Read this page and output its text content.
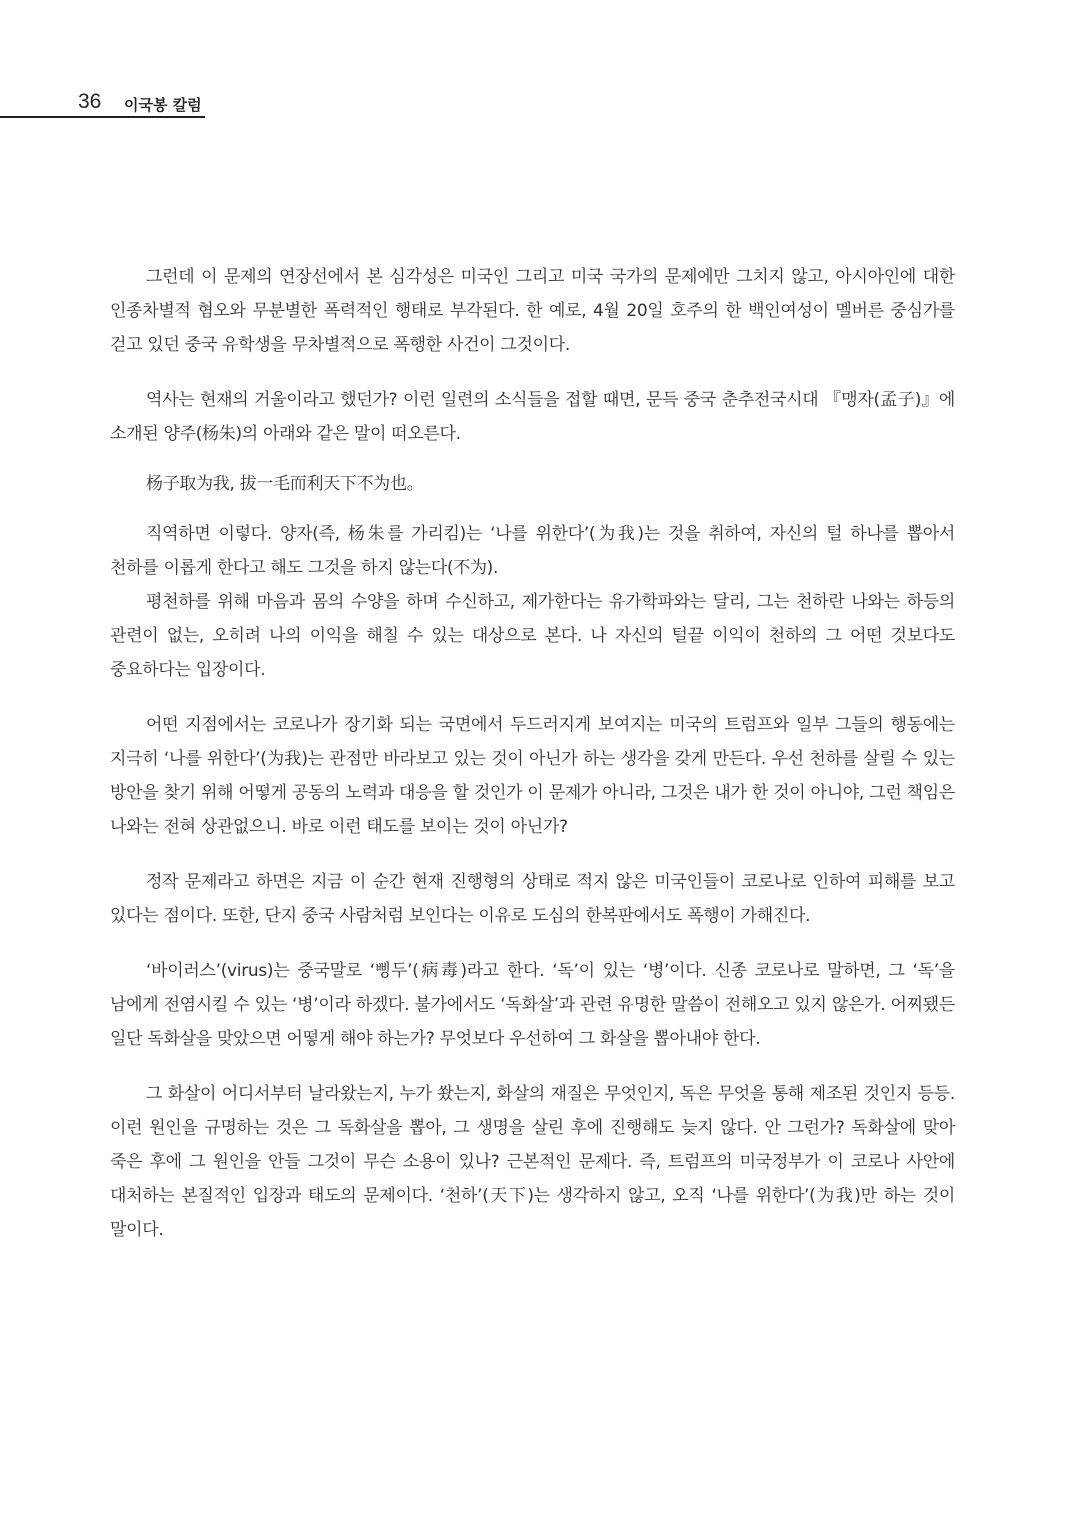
36 이국봉 칼럼

그런데 이 문제의 연장선에서 본 심각성은 미국인 그리고 미국 국가의 문제에만 그치지 않고, 아시아인에 대한 인종차별적 혐오와 무분별한 폭력적인 행태로 부각된다. 한 예로, 4월 20일 호주의 한 백인여성이 멜버른 중심가를 걷고 있던 중국 유학생을 무차별적으로 폭행한 사건이 그것이다.

역사는 현재의 거울이라고 했던가? 이런 일련의 소식들을 접할 때면, 문득 중국 춘추전국시대 『맹자(孟子)』에 소개된 양주(杨朱)의 아래와 같은 말이 떠오른다.

杨子取为我, 拔一毛而利天下不为也。

직역하면 이렇다. 양자(즉, 杨朱를 가리킴)는 ‘나를 위한다’(为我)는 것을 취하여, 자신의 털 하나를 뽑아서 천하를 이롭게 한다고 해도 그것을 하지 않는다(不为).

평천하를 위해 마음과 몸의 수양을 하며 수신하고, 제가한다는 유가학파와는 달리, 그는 천하란 나와는 하등의 관련이 없는, 오히려 나의 이익을 해칠 수 있는 대상으로 본다. 나 자신의 털끝 이익이 천하의 그 어떤 것보다도 중요하다는 입장이다.

어떤 지점에서는 코로나가 장기화 되는 국면에서 두드러지게 보여지는 미국의 트럼프와 일부 그들의 행동에는 지극히 ‘나를 위한다’(为我)는 관점만 바라보고 있는 것이 아닌가 하는 생각을 갖게 만든다. 우선 천하를 살릴 수 있는 방안을 찾기 위해 어떻게 공동의 노력과 대응을 할 것인가 이 문제가 아니라, 그것은 내가 한 것이 아니야, 그런 책임은 나와는 전혀 상관없으니. 바로 이런 태도를 보이는 것이 아닌가?

정작 문제라고 하면은 지금 이 순간 현재 진행형의 상태로 적지 않은 미국인들이 코로나로 인하여 피해를 보고 있다는 점이다. 또한, 단지 중국 사람처럼 보인다는 이유로 도심의 한복판에서도 폭행이 가해진다.

‘바이러스’(virus)는 중국말로 ‘삥두’(病毒)라고 한다. ‘독’이 있는 ‘병’이다. 신종 코로나로 말하면, 그 ‘독’을 남에게 전염시킬 수 있는 ‘병’이라 하겠다. 불가에서도 ‘독화살’과 관련 유명한 말씀이 전해오고 있지 않은가. 어찌됐든 일단 독화살을 맞았으면 어떻게 해야 하는가? 무엇보다 우선하여 그 화살을 뽑아내야 한다.

그 화살이 어디서부터 날라왔는지, 누가 쐈는지, 화살의 재질은 무엇인지, 독은 무엇을 통해 제조된 것인지 등등. 이런 원인을 규명하는 것은 그 독화살을 뽑아, 그 생명을 살린 후에 진행해도 늦지 않다. 안 그런가? 독화살에 맞아 죽은 후에 그 원인을 안들 그것이 무슨 소용이 있나? 근본적인 문제다. 즉, 트럼프의 미국정부가 이 코로나 사안에 대처하는 본질적인 입장과 태도의 문제이다. ‘천하’(天下)는 생각하지 않고, 오직 ‘나를 위한다’(为我)만 하는 것이 말이다.
